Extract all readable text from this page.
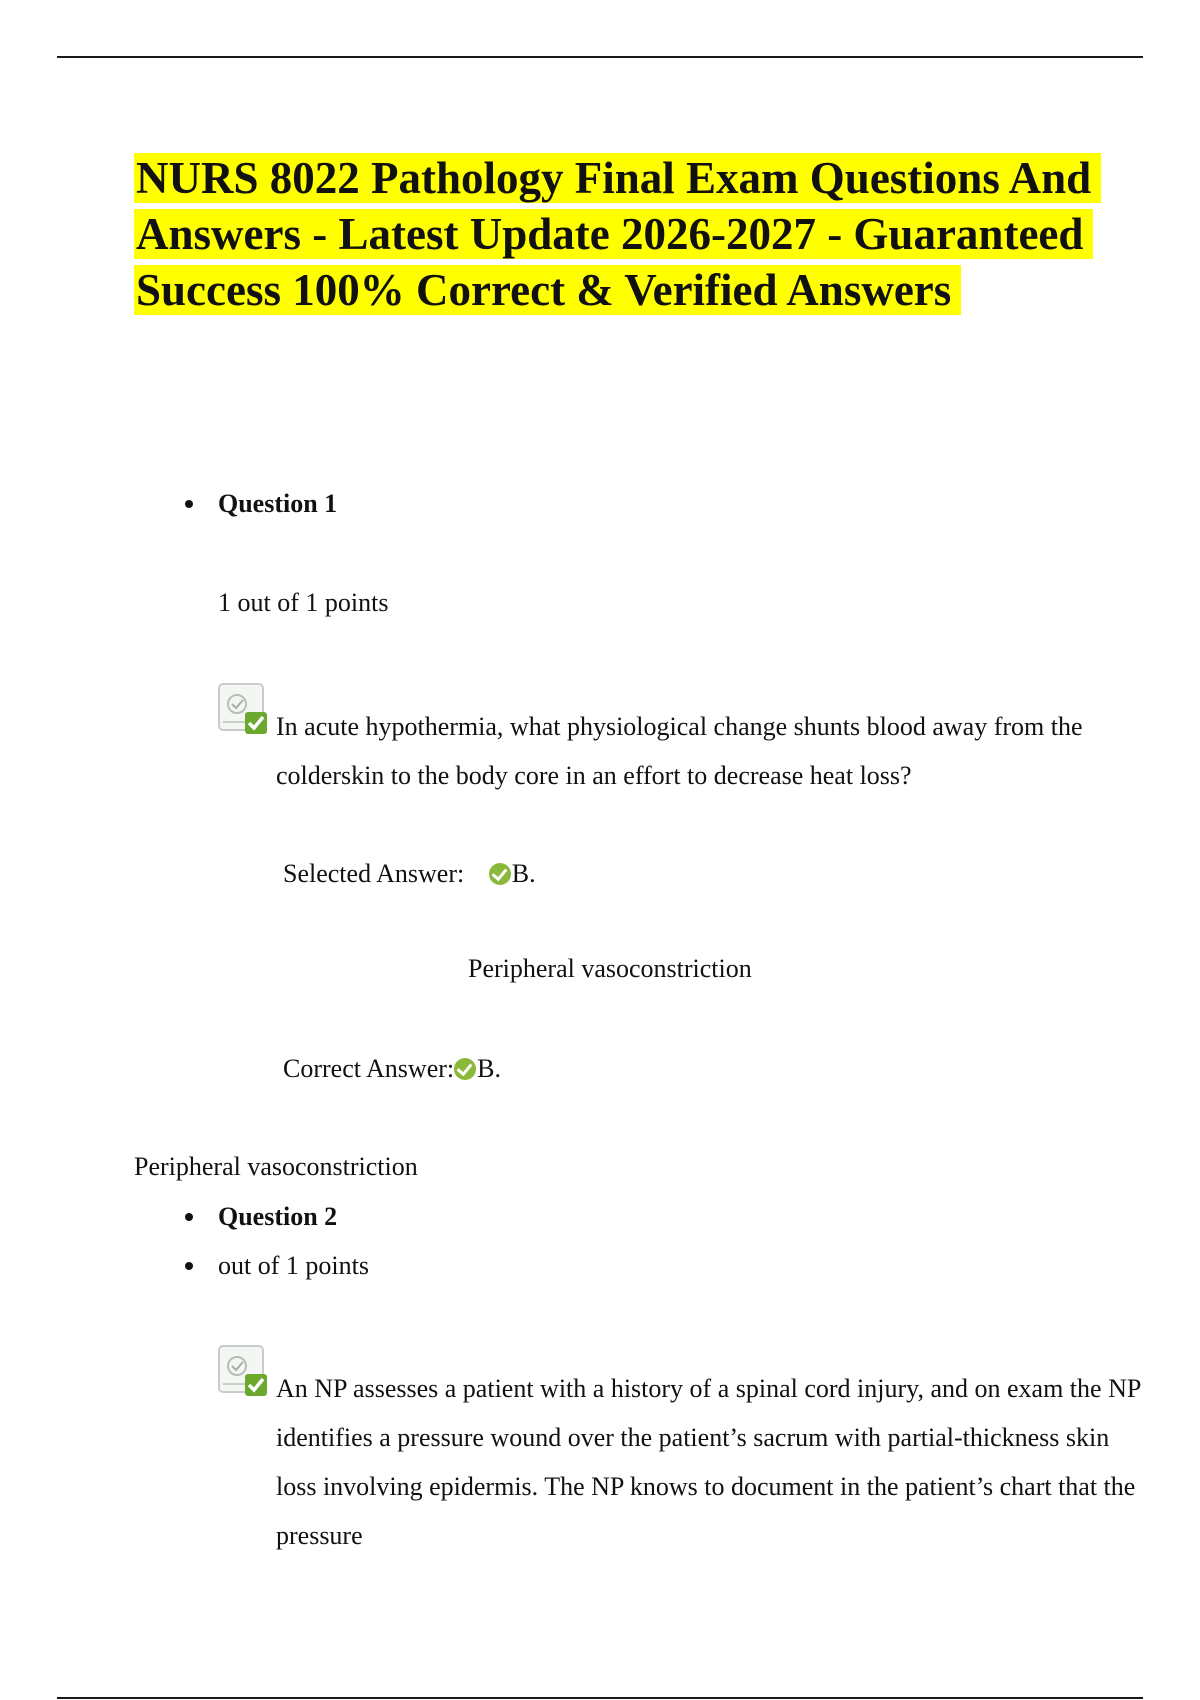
NURS 8022 Pathology Final Exam Questions And Answers - Latest Update 2026-2027 - Guaranteed Success 100% Correct & Verified Answers
Question 1
1 out of 1 points
In acute hypothermia, what physiological change shunts blood away from the colderskin to the body core in an effort to decrease heat loss?
Selected Answer: B.
Peripheral vasoconstriction
Correct Answer: B.
Peripheral vasoconstriction
Question 2
out of 1 points
An NP assesses a patient with a history of a spinal cord injury, and on exam the NP identifies a pressure wound over the patient’s sacrum with partial-thickness skin loss involving epidermis. The NP knows to document in the patient’s chart that the pressure
